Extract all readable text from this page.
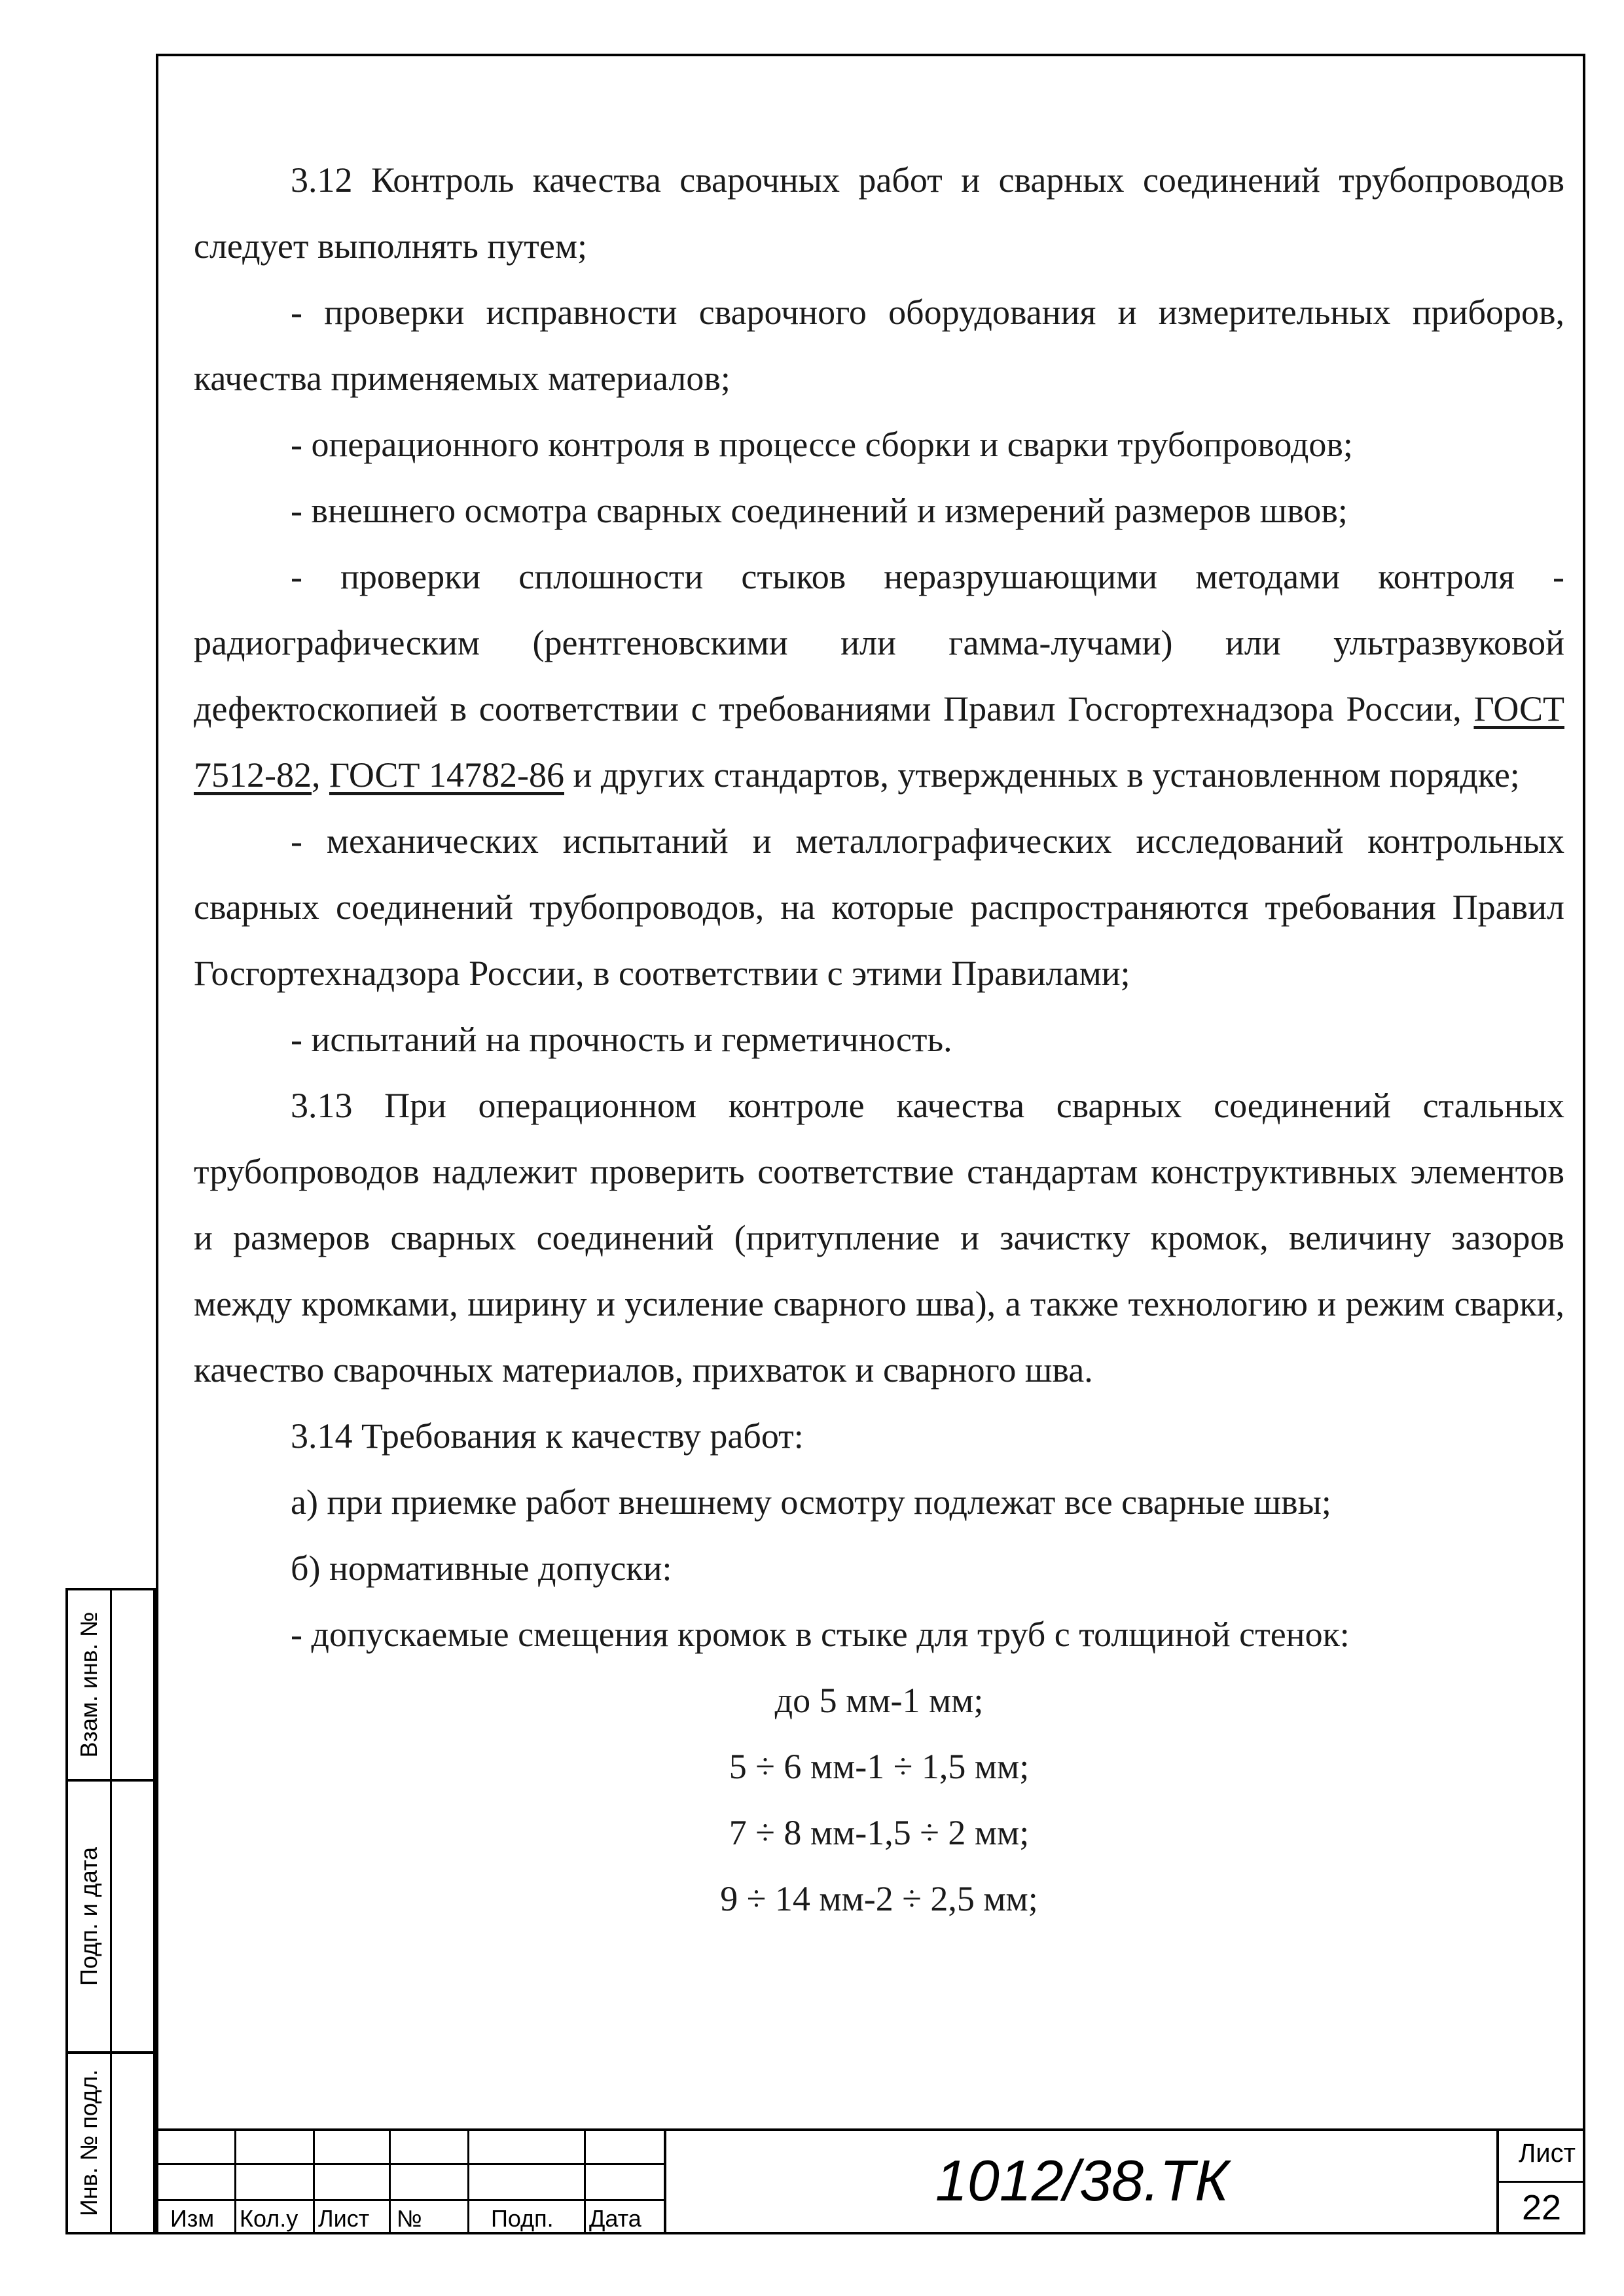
3.12 Контроль качества сварочных работ и сварных соединений трубопроводов следует выполнять путем;

- проверки исправности сварочного оборудования и измерительных приборов, качества применяемых материалов;

- операционного контроля в процессе сборки и сварки трубопроводов;

- внешнего осмотра сварных соединений и измерений размеров швов;

- проверки сплошности стыков неразрушающими методами контроля - радиографическим (рентгеновскими или гамма-лучами) или ультразвуковой дефектоскопией в соответствии с требованиями Правил Госгортехнадзора России, ГОСТ 7512-82, ГОСТ 14782-86 и других стандартов, утвержденных в установленном порядке;

- механических испытаний и металлографических исследований контрольных сварных соединений трубопроводов, на которые распространяются требования Правил Госгортехнадзора России, в соответствии с этими Правилами;

- испытаний на прочность и герметичность.

3.13 При операционном контроле качества сварных соединений стальных трубопроводов надлежит проверить соответствие стандартам конструктивных элементов и размеров сварных соединений (притупление и зачистку кромок, величину зазоров между кромками, ширину и усиление сварного шва), а также технологию и режим сварки, качество сварочных материалов, прихваток и сварного шва.

3.14 Требования к качеству работ:

а) при приемке работ внешнему осмотру подлежат все сварные швы;

б) нормативные допуски:

- допускаемые смещения кромок в стыке для труб с толщиной стенок:

до 5 мм-1 мм;

5 ÷ 6 мм-1 ÷ 1,5 мм;

7 ÷ 8 мм-1,5 ÷ 2 мм;

9 ÷ 14 мм-2 ÷ 2,5 мм;

Взам. инв. №
Подп. и дата
Инв. № подл.
Изм Кол.у Лист №	Подп. Дата
1012/38.ТК	Лист
22
